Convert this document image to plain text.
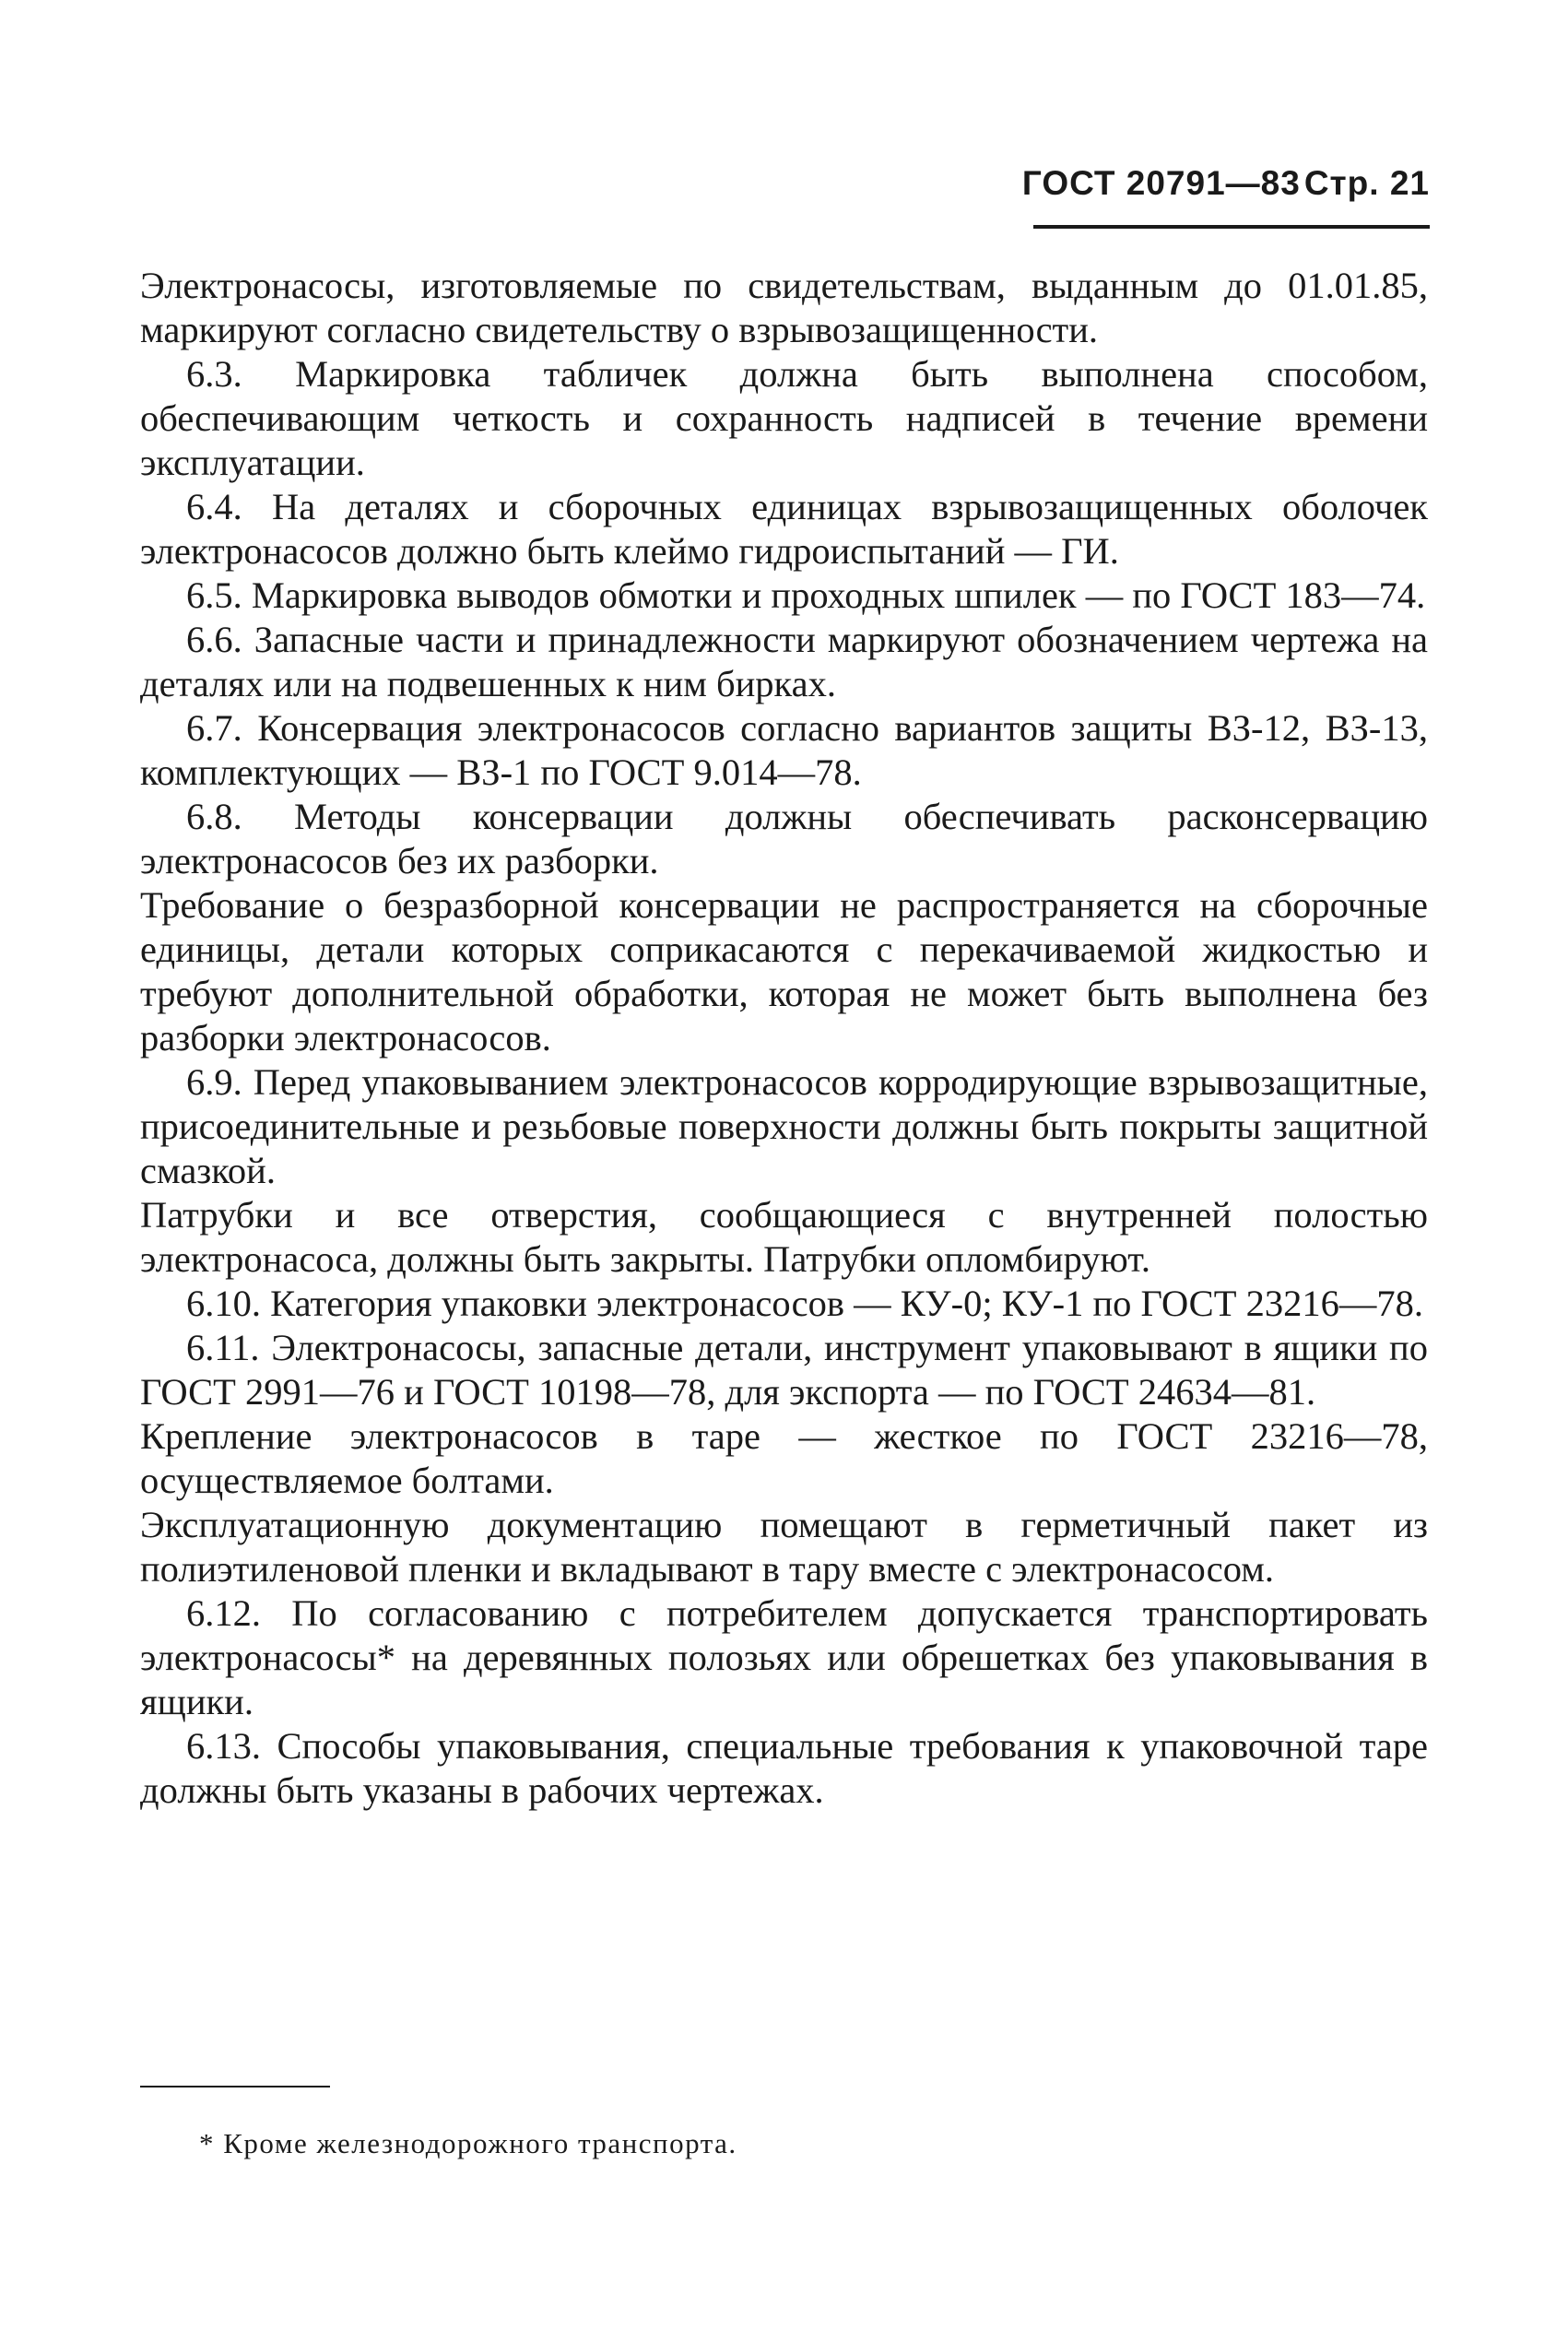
ГОСТ 20791—83 Стр. 21

Электронасосы, изготовляемые по свидетельствам, выданным до 01.01.85, маркируют согласно свидетельству о взрывозащищенности.

6.3. Маркировка табличек должна быть выполнена способом, обеспечивающим четкость и сохранность надписей в течение времени эксплуатации.

6.4. На деталях и сборочных единицах взрывозащищенных оболочек электронасосов должно быть клеймо гидроиспытаний — ГИ.

6.5. Маркировка выводов обмотки и проходных шпилек — по ГОСТ 183—74.

6.6. Запасные части и принадлежности маркируют обозначением чертежа на деталях или на подвешенных к ним бирках.

6.7. Консервация электронасосов согласно вариантов защиты ВЗ-12, ВЗ-13, комплектующих — ВЗ-1 по ГОСТ 9.014—78.

6.8. Методы консервации должны обеспечивать расконсервацию электронасосов без их разборки.

Требование о безразборной консервации не распространяется на сборочные единицы, детали которых соприкасаются с перекачиваемой жидкостью и требуют дополнительной обработки, которая не может быть выполнена без разборки электронасосов.

6.9. Перед упаковыванием электронасосов корродирующие взрывозащитные, присоединительные и резьбовые поверхности должны быть покрыты защитной смазкой.

Патрубки и все отверстия, сообщающиеся с внутренней полостью электронасоса, должны быть закрыты. Патрубки опломбируют.

6.10. Категория упаковки электронасосов — КУ-0; КУ-1 по ГОСТ 23216—78.

6.11. Электронасосы, запасные детали, инструмент упаковывают в ящики по ГОСТ 2991—76 и ГОСТ 10198—78, для экспорта — по ГОСТ 24634—81.

Крепление электронасосов в таре — жесткое по ГОСТ 23216—78, осуществляемое болтами.

Эксплуатационную документацию помещают в герметичный пакет из полиэтиленовой пленки и вкладывают в тару вместе с электронасосом.

6.12. По согласованию с потребителем допускается транспортировать электронасосы* на деревянных полозьях или обрешетках без упаковывания в ящики.

6.13. Способы упаковывания, специальные требования к упаковочной таре должны быть указаны в рабочих чертежах.

* Кроме железнодорожного транспорта.
